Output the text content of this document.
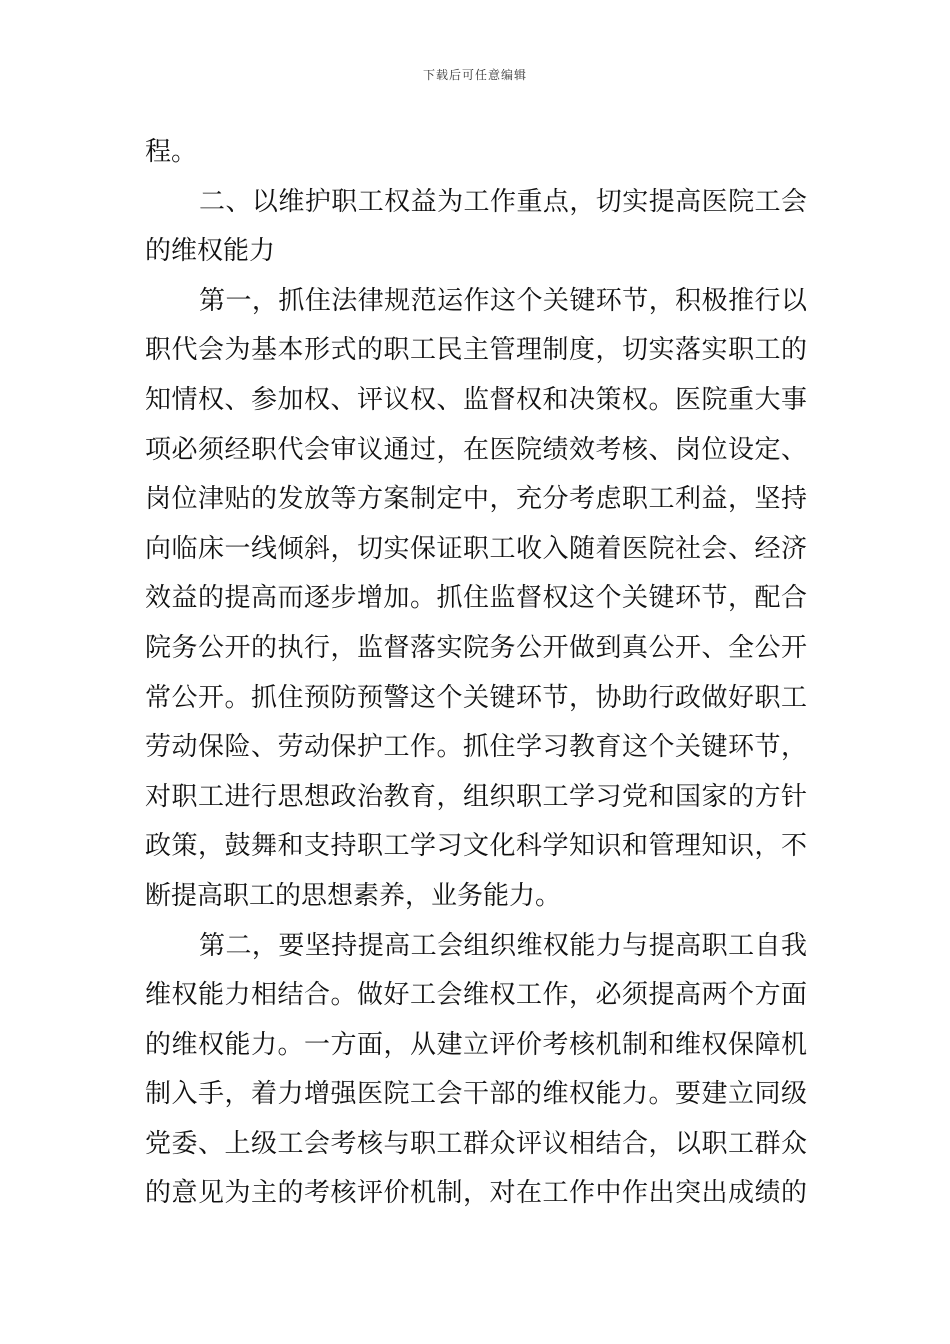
下载后可任意编辑
程。
二、以维护职工权益为工作重点，切实提高医院工会
的维权能力
第一，抓住法律规范运作这个关键环节，积极推行以
职代会为基本形式的职工民主管理制度，切实落实职工的
知情权、参加权、评议权、监督权和决策权。医院重大事
项必须经职代会审议通过，在医院绩效考核、岗位设定、
岗位津贴的发放等方案制定中，充分考虑职工利益，坚持
向临床一线倾斜，切实保证职工收入随着医院社会、经济
效益的提高而逐步增加。抓住监督权这个关键环节，配合
院务公开的执行，监督落实院务公开做到真公开、全公开
常公开。抓住预防预警这个关键环节，协助行政做好职工
劳动保险、劳动保护工作。抓住学习教育这个关键环节，
对职工进行思想政治教育，组织职工学习党和国家的方针
政策，鼓舞和支持职工学习文化科学知识和管理知识，不
断提高职工的思想素养，业务能力。
第二，要坚持提高工会组织维权能力与提高职工自我
维权能力相结合。做好工会维权工作，必须提高两个方面
的维权能力。一方面，从建立评价考核机制和维权保障机
制入手，着力增强医院工会干部的维权能力。要建立同级
党委、上级工会考核与职工群众评议相结合，以职工群众
的意见为主的考核评价机制，对在工作中作出突出成绩的
